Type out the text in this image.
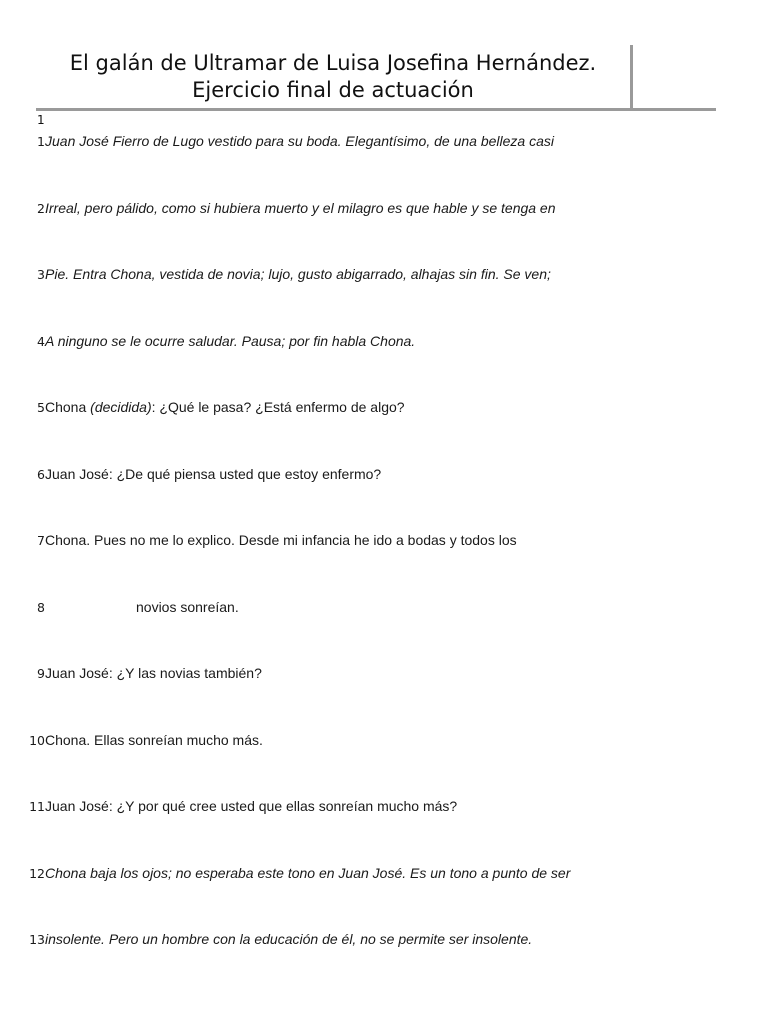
El galán de Ultramar de Luisa Josefina Hernández.
Ejercicio final de actuación
1
1Juan José Fierro de Lugo vestido para su boda. Elegantísimo, de una belleza casi
2Irreal, pero pálido, como si hubiera muerto y el milagro es que hable y se tenga en
3Pie. Entra Chona, vestida de novia; lujo, gusto abigarrado, alhajas sin fin. Se ven;
4A ninguno se le ocurre saludar. Pausa; por fin habla Chona.
5Chona (decidida): ¿Qué le pasa? ¿Está enfermo de algo?
6Juan José: ¿De qué piensa usted que estoy enfermo?
7Chona. Pues no me lo explico. Desde mi infancia he ido a bodas y todos los
8	novios sonreían.
9Juan José: ¿Y las novias también?
10Chona. Ellas sonreían mucho más.
11Juan José: ¿Y por qué cree usted que ellas sonreían mucho más?
12Chona baja los ojos; no esperaba este tono en Juan José. Es un tono a punto de ser
13insolente. Pero un hombre con la educación de él, no se permite ser insolente.
